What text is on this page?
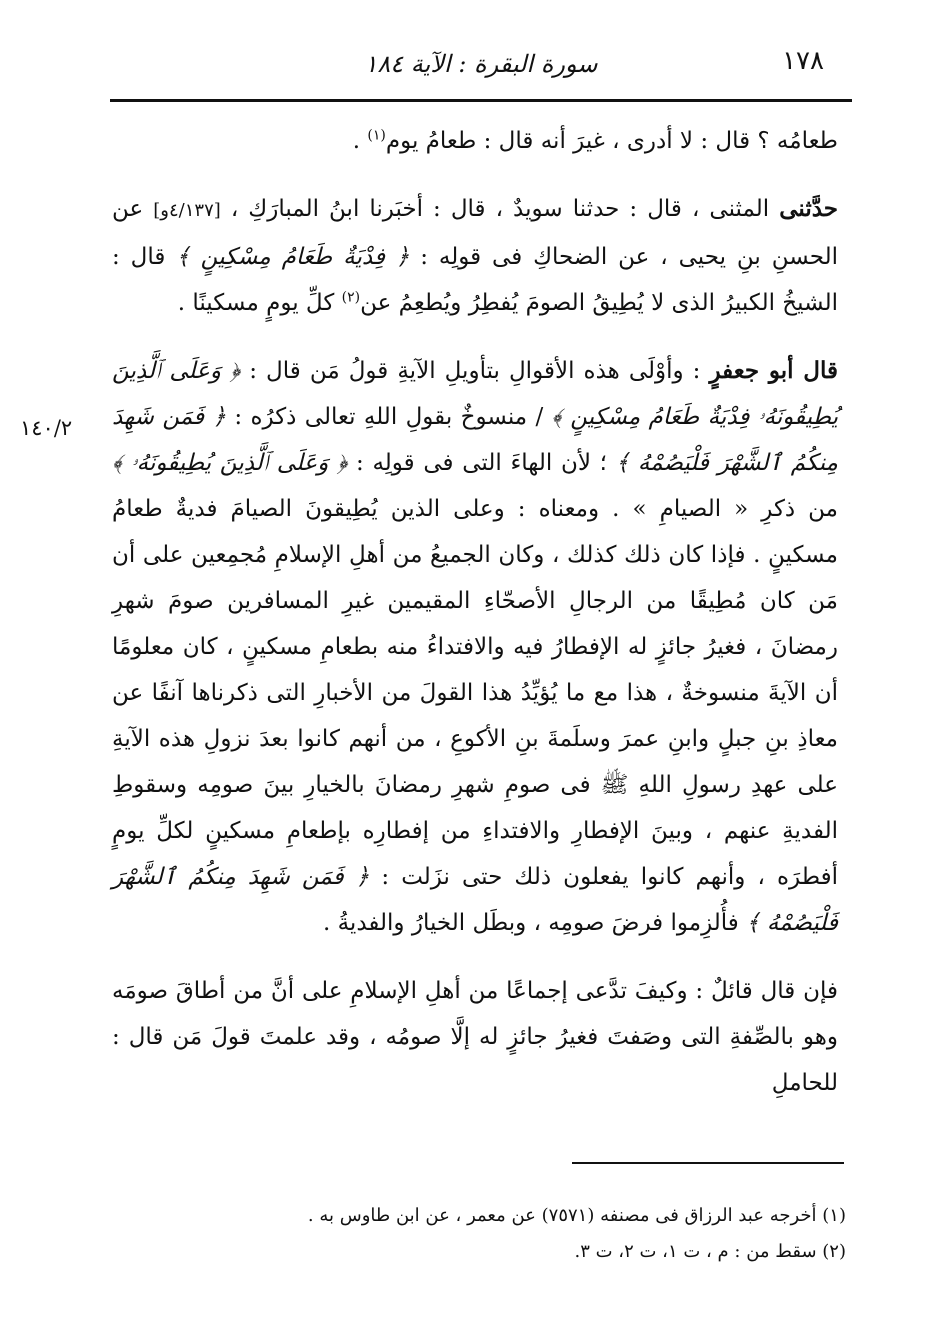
١٧٨
سورة البقرة : الآية ١٨٤
١٤٠/٢

طعامُه ؟ قال : لا أدرى ، غيرَ أنه قال : طعامُ يوم$^{(١)}$ .

حدَّثنى المثنى ، قال : حدثنا سويدٌ ، قال : أخبَرنا ابنُ المبارَكِ ، [٤/١٣٧و] عن الحسنِ بنِ يحيى ، عن الضحاكِ فى قولِه : ﴿ فِدْيَةٌ طَعَامُ مِسْكِينٍ ﴾ قال : الشيخُ الكبيرُ الذى لا يُطِيقُ الصومَ يُفطِرُ ويُطعِمُ عن$^{(٢)}$ كلِّ يومٍ مسكينًا .

قال أبو جعفرٍ : وأوْلَى هذه الأقوالِ بتأويلِ الآيةِ قولُ مَن قال : ﴿ وَعَلَى ٱلَّذِينَ يُطِيقُونَهُۥ فِدْيَةٌ طَعَامُ مِسْكِينٍ ﴾ / منسوخٌ بقولِ اللهِ تعالى ذكرُه : ﴿ فَمَن شَهِدَ مِنكُمُ ٱلشَّهْرَ فَلْيَصُمْهُ ﴾ ؛ لأن الهاءَ التى فى قولِه : ﴿ وَعَلَى ٱلَّذِينَ يُطِيقُونَهُۥ ﴾ من ذكرِ « الصيامِ » . ومعناه : وعلى الذين يُطِيقونَ الصيامَ فديةٌ طعامُ مسكينٍ . فإذا كان ذلك كذلك ، وكان الجميعُ من أهلِ الإسلامِ مُجمِعين على أن مَن كان مُطِيقًا من الرجالِ الأصحّاءِ المقيمين غيرِ المسافرين صومَ شهرِ رمضانَ ، فغيرُ جائزٍ له الإفطارُ فيه والافتداءُ منه بطعامِ مسكينٍ ، كان معلومًا أن الآيةَ منسوخةٌ ، هذا مع ما يُؤيِّدُ هذا القولَ من الأخبارِ التى ذكرناها آنفًا عن معاذِ بنِ جبلٍ وابنِ عمرَ وسلَمةَ بنِ الأكوعِ ، من أنهم كانوا بعدَ نزولِ هذه الآيةِ على عهدِ رسولِ اللهِ ﷺ فى صومِ شهرِ رمضانَ بالخيارِ بينَ صومِه وسقوطِ الفديةِ عنهم ، وبينَ الإفطارِ والافتداءِ من إفطارِه بإطعامِ مسكينٍ لكلِّ يومٍ أفطرَه ، وأنهم كانوا يفعلون ذلك حتى نزَلت : ﴿ فَمَن شَهِدَ مِنكُمُ ٱلشَّهْرَ فَلْيَصُمْهُ ﴾ فأُلزِموا فرضَ صومِه ، وبطَل الخيارُ والفديةُ .

فإن قال قائلٌ : وكيفَ تدَّعى إجماعًا من أهلِ الإسلامِ على أنَّ من أطاقَ صومَه وهو بالصِّفةِ التى وصَفتَ فغيرُ جائزٍ له إلَّا صومُه ، وقد علمتَ قولَ مَن قال : للحاملِ

(١) أخرجه عبد الرزاق فى مصنفه (٧٥٧١) عن معمر ، عن ابن طاوس به .
(٢) سقط من : م ، ت ١، ت ٢، ت ٣.
